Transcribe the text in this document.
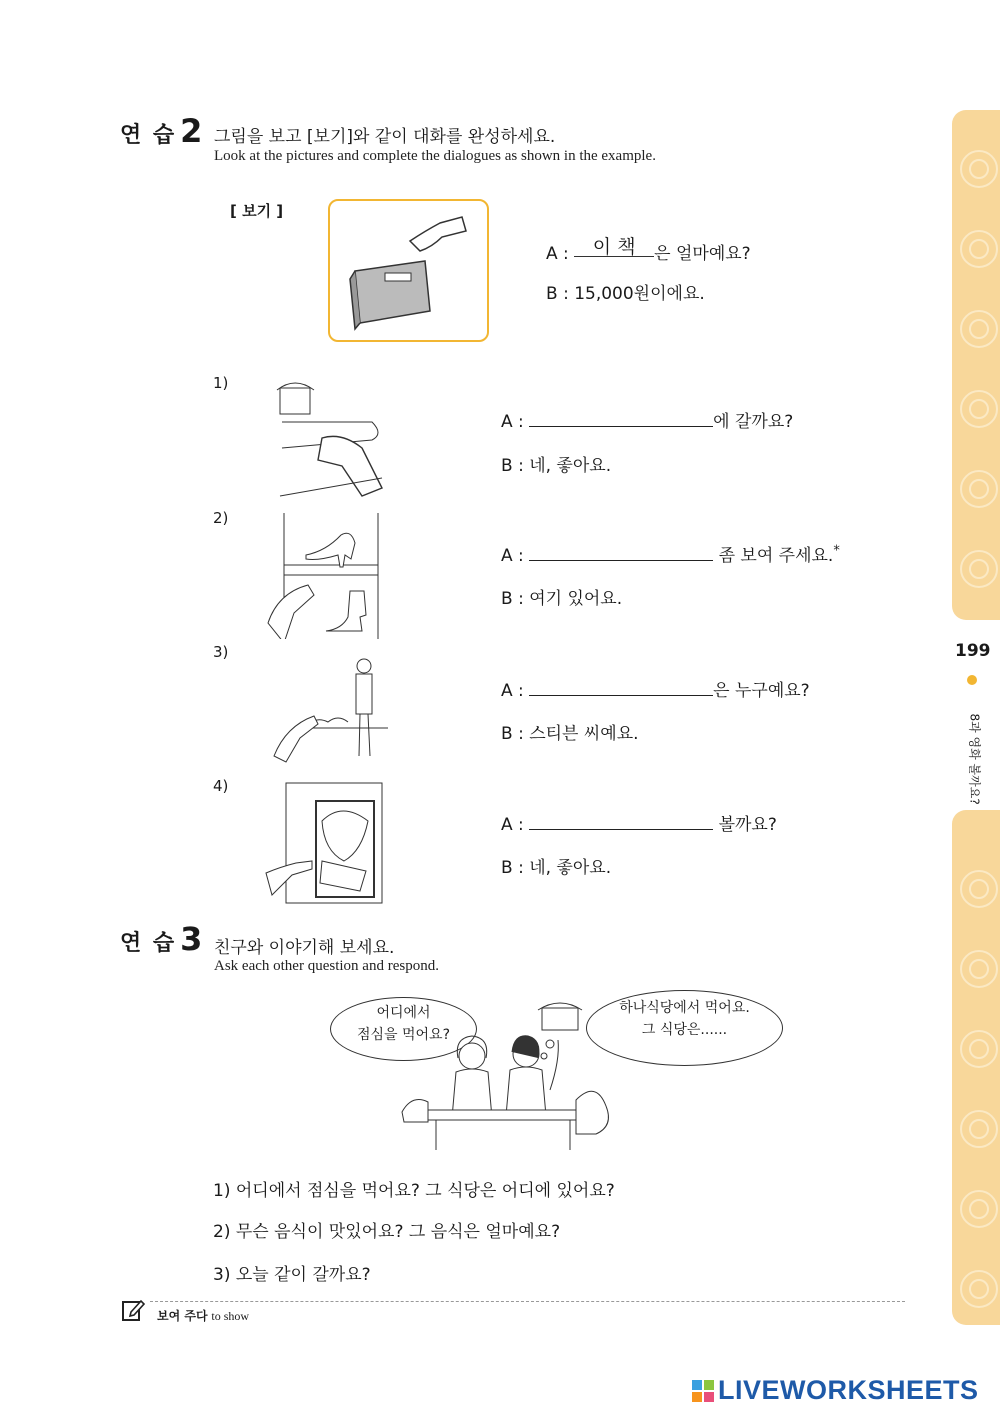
199
8과 영화 볼까요?
연 습 2 그림을 보고 [보기]와 같이 대화를 완성하세요.
Look at the pictures and complete the dialogues as shown in the example.
[ 보기 ]
A : 이 책 은 얼마예요?
B : 15,000원이에요.
1)
A :	에 갈까요?
B : 네, 좋아요.
2)
A :	좀 보여 주세요.*
B : 여기 있어요.
3)
A :	은 누구예요?
B : 스티븐 씨예요.
4)
A :	볼까요?
B : 네, 좋아요.
연 습 3 친구와 이야기해 보세요.
Ask each other question and respond.
어디에서
점심을 먹어요?
하나식당에서 먹어요.
그 식당은......
1) 어디에서 점심을 먹어요? 그 식당은 어디에 있어요?
2) 무슨 음식이 맛있어요? 그 음식은 얼마예요?
3) 오늘 같이 갈까요?
보여 주다 to show
LIVEWORKSHEETS
